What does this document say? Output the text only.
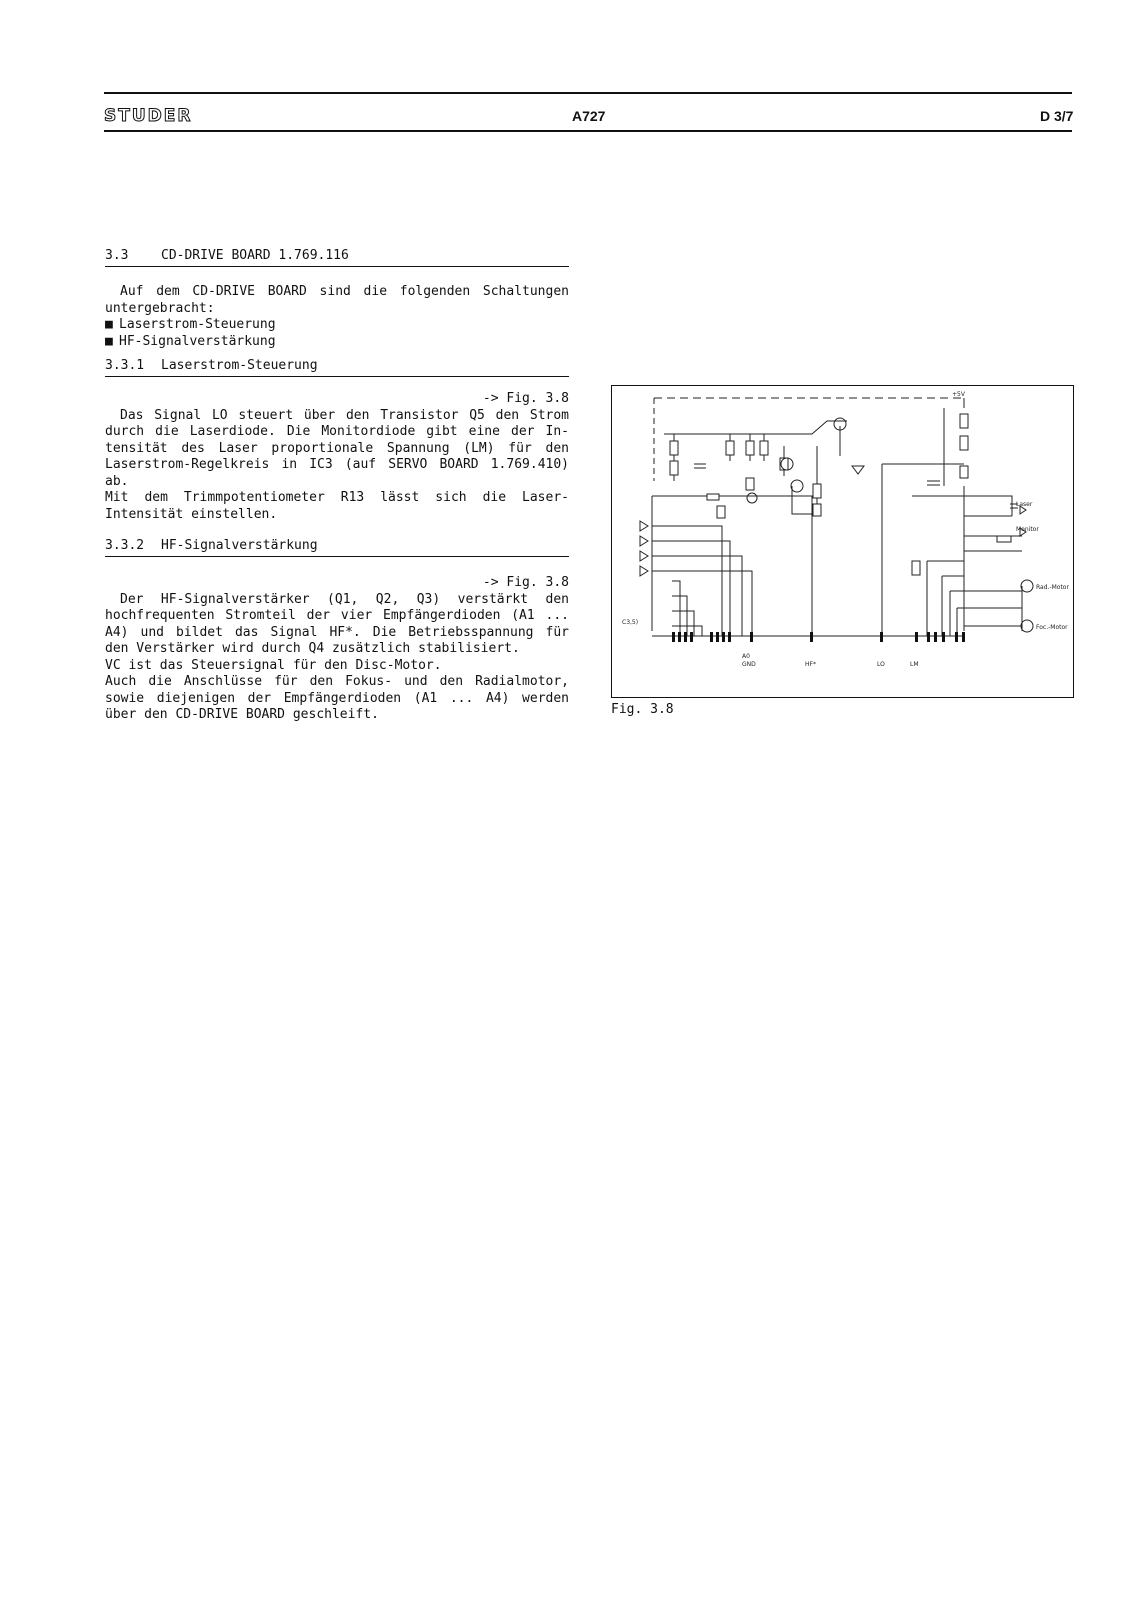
STUDER	A727	D 3/7
3.3	CD-DRIVE BOARD 1.769.116
Auf dem CD-DRIVE BOARD sind die folgenden Schaltungen
untergebracht:
■ Laserstrom-Steuerung
■ HF-Signalverstärkung
3.3.1 Laserstrom-Steuerung
-> Fig. 3.8
Das Signal LO steuert über den Transistor Q5 den Strom
durch die Laserdiode. Die Monitordiode gibt eine der In-
tensität des Laser proportionale Spannung (LM) für den
Laserstrom-Regelkreis in IC3 (auf SERVO BOARD 1.769.410)
ab.
Mit dem Trimmpotentiometer R13 lässt sich die Laser-
Intensität einstellen.
3.3.2 HF-Signalverstärkung
-> Fig. 3.8
Der HF-Signalverstärker (Q1, Q2, Q3) verstärkt den
hochfrequenten Stromteil der vier Empfängerdioden (A1 ...
A4) und bildet das Signal HF*. Die Betriebsspannung für
den Verstärker wird durch Q4 zusätzlich stabilisiert.
VC ist das Steuersignal für den Disc-Motor.
Auch die Anschlüsse für den Fokus- und den Radialmotor,
sowie diejenigen der Empfängerdioden (A1 ... A4) werden
über den CD-DRIVE BOARD geschleift.
+5V
Laser
Monitor
Rad.-Motor
Foc.-Motor
C3,5)
A0
GND	HF*	LO	LM
Fig. 3.8
